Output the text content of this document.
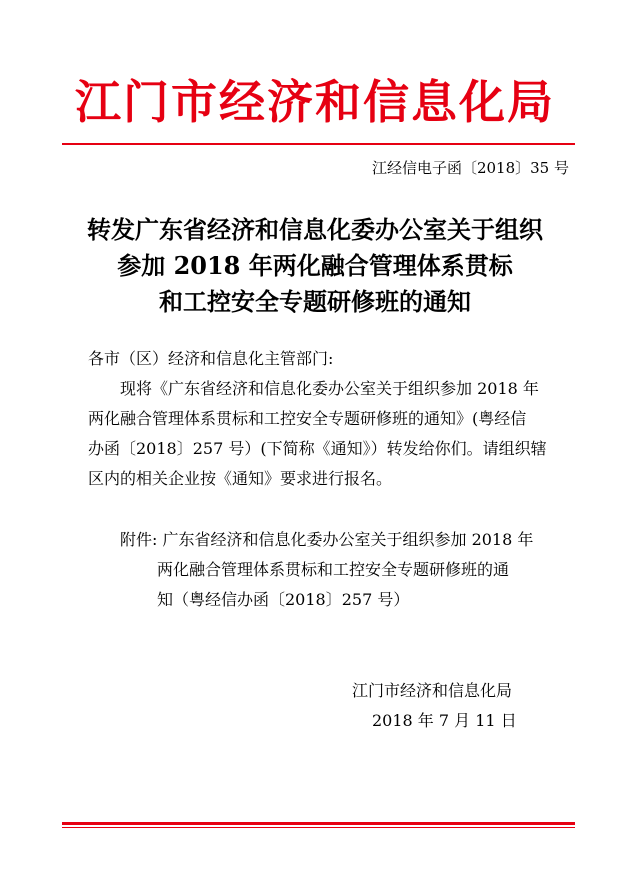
江门市经济和信息化局
江经信电子函〔2018〕35 号
转发广东省经济和信息化委办公室关于组织
参加 2018 年两化融合管理体系贯标
和工控安全专题研修班的通知
各市（区）经济和信息化主管部门:
现将《广东省经济和信息化委办公室关于组织参加 2018 年
两化融合管理体系贯标和工控安全专题研修班的通知》(粤经信
办函〔2018〕257 号）(下简称《通知》）转发给你们。请组织辖
区内的相关企业按《通知》要求进行报名。
附件: 广东省经济和信息化委办公室关于组织参加 2018 年
两化融合管理体系贯标和工控安全专题研修班的通
知（粤经信办函〔2018〕257 号）
江门市经济和信息化局
2018 年 7 月 11 日
